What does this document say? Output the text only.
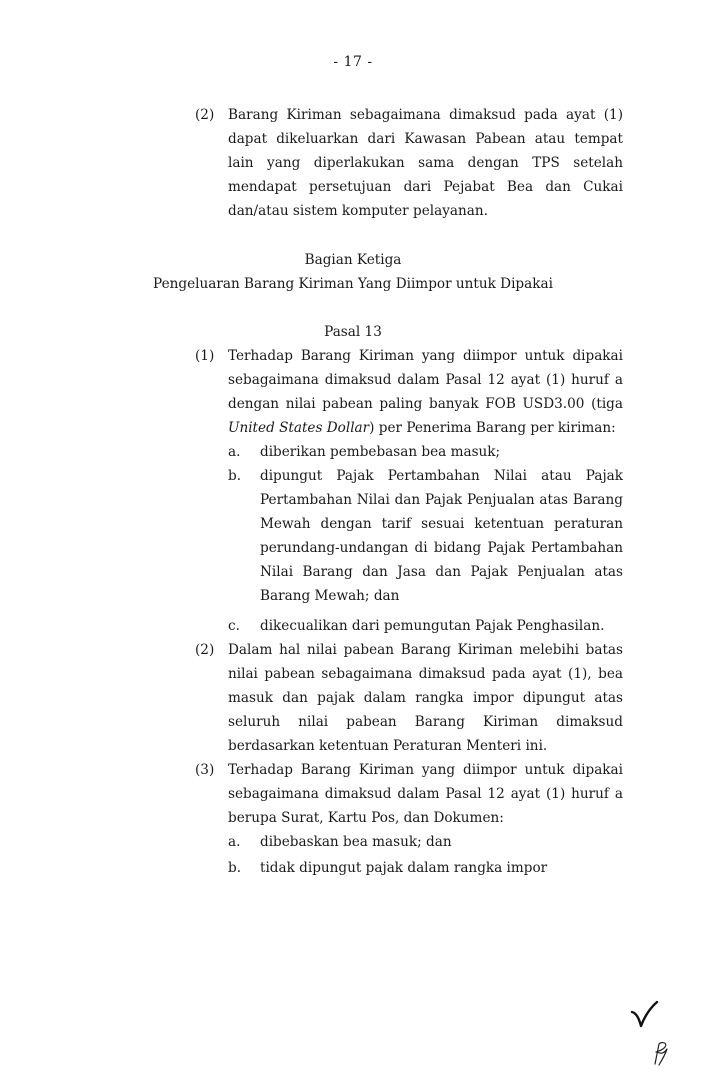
- 17 -
(2) Barang Kiriman sebagaimana dimaksud pada ayat (1) dapat dikeluarkan dari Kawasan Pabean atau tempat lain yang diperlakukan sama dengan TPS setelah mendapat persetujuan dari Pejabat Bea dan Cukai dan/atau sistem komputer pelayanan.
Bagian Ketiga
Pengeluaran Barang Kiriman Yang Diimpor untuk Dipakai
Pasal 13
(1) Terhadap Barang Kiriman yang diimpor untuk dipakai sebagaimana dimaksud dalam Pasal 12 ayat (1) huruf a dengan nilai pabean paling banyak FOB USD3.00 (tiga United States Dollar) per Penerima Barang per kiriman:
a. diberikan pembebasan bea masuk;
b. dipungut Pajak Pertambahan Nilai atau Pajak Pertambahan Nilai dan Pajak Penjualan atas Barang Mewah dengan tarif sesuai ketentuan peraturan perundang-undangan di bidang Pajak Pertambahan Nilai Barang dan Jasa dan Pajak Penjualan atas Barang Mewah; dan
c. dikecualikan dari pemungutan Pajak Penghasilan.
(2) Dalam hal nilai pabean Barang Kiriman melebihi batas nilai pabean sebagaimana dimaksud pada ayat (1), bea masuk dan pajak dalam rangka impor dipungut atas seluruh nilai pabean Barang Kiriman dimaksud berdasarkan ketentuan Peraturan Menteri ini.
(3) Terhadap Barang Kiriman yang diimpor untuk dipakai sebagaimana dimaksud dalam Pasal 12 ayat (1) huruf a berupa Surat, Kartu Pos, dan Dokumen:
a. dibebaskan bea masuk; dan
b. tidak dipungut pajak dalam rangka impor
